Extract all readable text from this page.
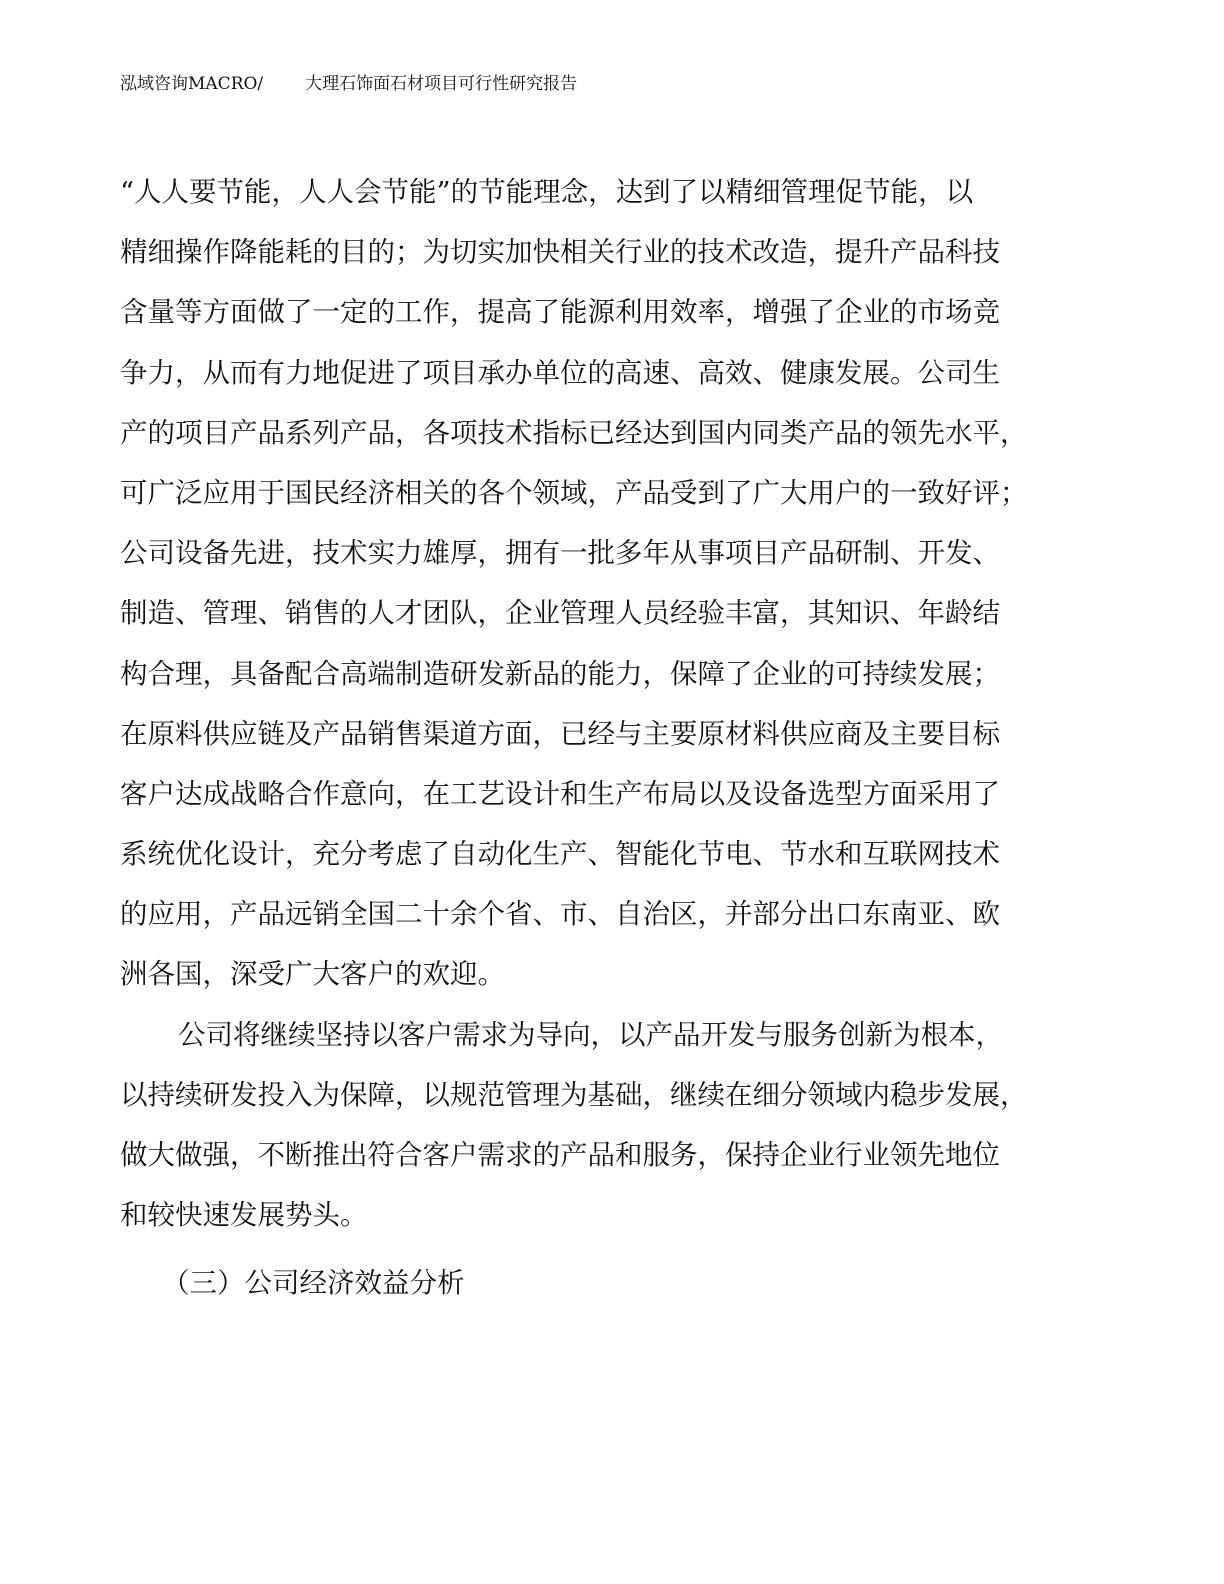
泓域咨询MACRO/ 大理石饰面石材项目可行性研究报告
“人人要节能，人人会节能”的节能理念，达到了以精细管理促节能，以
精细操作降能耗的目的；为切实加快相关行业的技术改造，提升产品科技
含量等方面做了一定的工作，提高了能源利用效率，增强了企业的市场竞
争力，从而有力地促进了项目承办单位的高速、高效、健康发展。公司生
产的项目产品系列产品，各项技术指标已经达到国内同类产品的领先水平，
可广泛应用于国民经济相关的各个领域，产品受到了广大用户的一致好评；
公司设备先进，技术实力雄厚，拥有一批多年从事项目产品研制、开发、
制造、管理、销售的人才团队，企业管理人员经验丰富，其知识、年龄结
构合理，具备配合高端制造研发新品的能力，保障了企业的可持续发展；
在原料供应链及产品销售渠道方面，已经与主要原材料供应商及主要目标
客户达成战略合作意向，在工艺设计和生产布局以及设备选型方面采用了
系统优化设计，充分考虑了自动化生产、智能化节电、节水和互联网技术
的应用，产品远销全国二十余个省、市、自治区，并部分出口东南亚、欧
洲各国，深受广大客户的欢迎。
公司将继续坚持以客户需求为导向，以产品开发与服务创新为根本，
以持续研发投入为保障，以规范管理为基础，继续在细分领域内稳步发展，
做大做强，不断推出符合客户需求的产品和服务，保持企业行业领先地位
和较快速发展势头。
（三）公司经济效益分析
